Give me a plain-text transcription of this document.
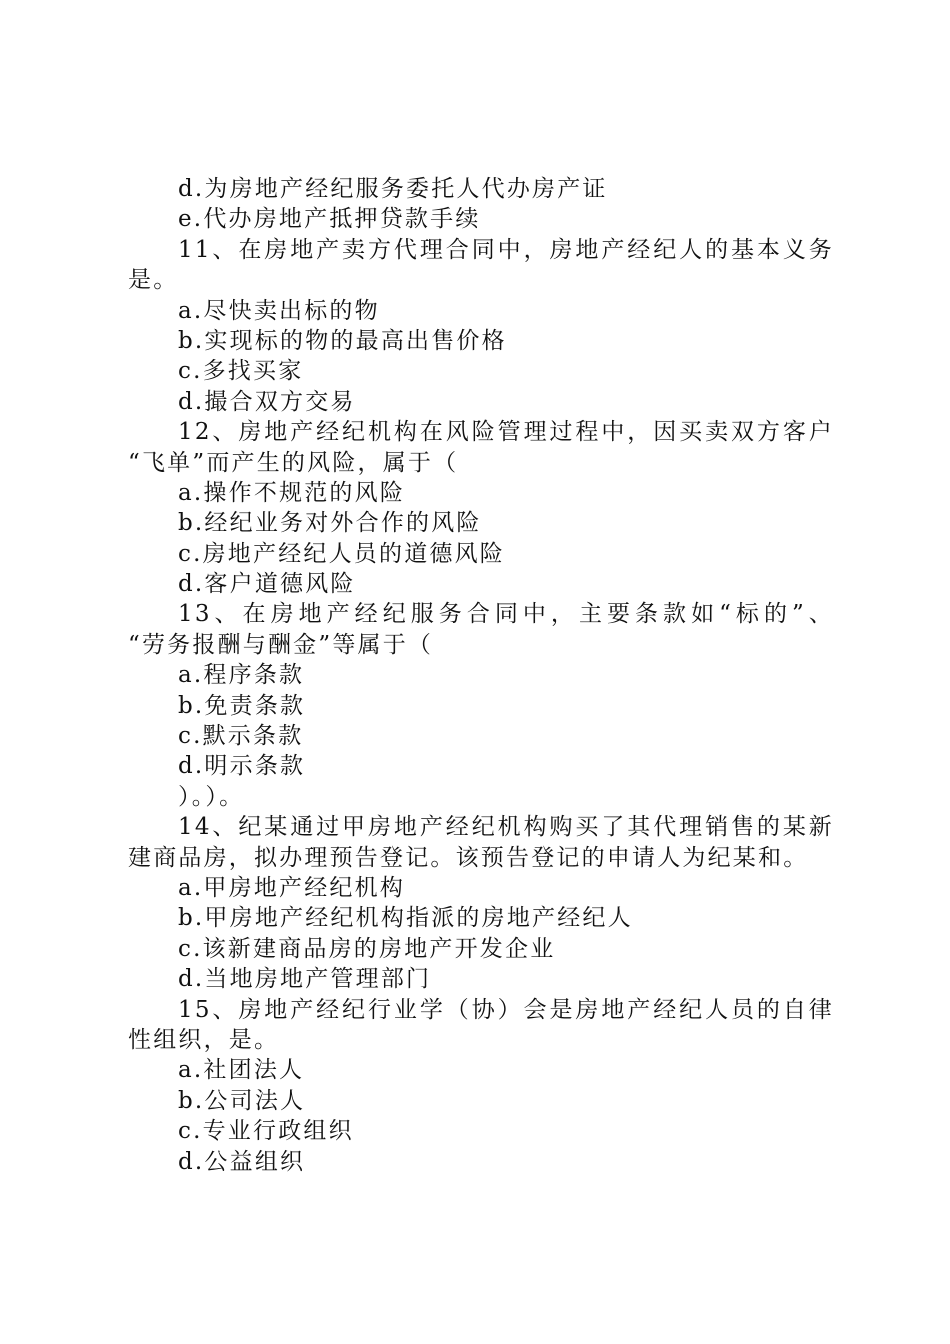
d.为房地产经纪服务委托人代办房产证
e.代办房地产抵押贷款手续
11、在房地产卖方代理合同中，房地产经纪人的基本义务
是。
a.尽快卖出标的物
b.实现标的物的最高出售价格
c.多找买家
d.撮合双方交易
12、房地产经纪机构在风险管理过程中，因买卖双方客户
“飞单”而产生的风险，属于（
a.操作不规范的风险
b.经纪业务对外合作的风险
c.房地产经纪人员的道德风险
d.客户道德风险
13、在房地产经纪服务合同中，主要条款如“标的”、
“劳务报酬与酬金”等属于（
a.程序条款
b.免责条款
c.默示条款
d.明示条款
）。）。
14、纪某通过甲房地产经纪机构购买了其代理销售的某新
建商品房，拟办理预告登记。该预告登记的申请人为纪某和。
a.甲房地产经纪机构
b.甲房地产经纪机构指派的房地产经纪人
c.该新建商品房的房地产开发企业
d.当地房地产管理部门
15、房地产经纪行业学（协）会是房地产经纪人员的自律
性组织，是。
a.社团法人
b.公司法人
c.专业行政组织
d.公益组织
